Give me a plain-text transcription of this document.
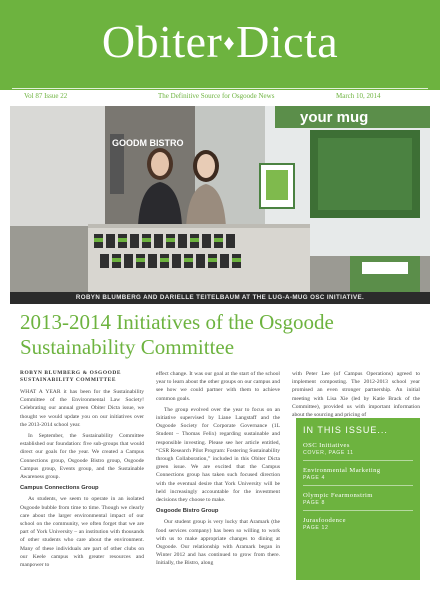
Obiter♦Dicta
Vol 87 Issue 22	The Definitive Source for Osgoode News	March 10, 2014
your mug
GOODM BISTRO
ROBYN BLUMBERG AND DARIELLE TEITELBAUM AT THE LUG-A-MUG OSC INITIATIVE.
2013-2014 Initiatives of the Osgoode Sustainability Committee
ROBYN BLUMBERG & OSGOODE SUSTAINABILITY COMMITTEE

WHAT A YEAR it has been for the Sustainability Committee of the Environmental Law Society! Celebrating our annual green Obiter Dicta issue, we thought we would update you on our initiatives over the 2013-2014 school year.

In September, the Sustainability Committee established our foundation: five sub-groups that would direct our goals for the year. We created a Campus Connections group, Osgoode Bistro group, Osgoode Campus group, Events group, and the Sustainable Awareness group.

Campus Connections Group

As students, we seem to operate in an isolated Osgoode bubble from time to time. Though we clearly care about the larger environmental impact of our school on the community, we often forget that we are part of York University – an institution with thousands of other students who care about the environment. Many of these individuals are part of other clubs on our Keele campus with greater resources and manpower to

effect change. It was our goal at the start of the school year to learn about the other groups on our campus and see how we could partner with them to achieve common goals.

The group evolved over the year to focus on an initiative supervised by Liane Langstaff and the Osgoode Society for Corporate Governance (1L Student – Thomas Felix) regarding sustainable and responsible investing. Please see her article entitled, “CSR Research Pilot Program: Fostering Sustainability through Collaboration,” included in this Obiter Dicta green issue. We are excited that the Campus Connections group has taken such focused direction with the eventual desire that York University will be held increasingly accountable for the investment decisions they choose to make.

Osgoode Bistro Group

Our student group is very lucky that Aramark (the food services company) has been so willing to work with us to make appropriate changes to dining at Osgoode. Our relationship with Aramark began in Winter 2012 and has continued to grow from there. Initially, the Bistro, along

with Peter Lee (of Campus Operations) agreed to implement composting. The 2012-2013 school year promised an even stronger partnership. An initial meeting with Lisa Xie (led by Katie Brack of the Committee), provided us with important information about the sourcing and pricing of

IN THIS ISSUE...
OSC Initiatives
COVER, PAGE 11
Environmental Marketing
PAGE 4
Olympic Fearmonstrim
PAGE 8
Jurasfoodence
PAGE 12
